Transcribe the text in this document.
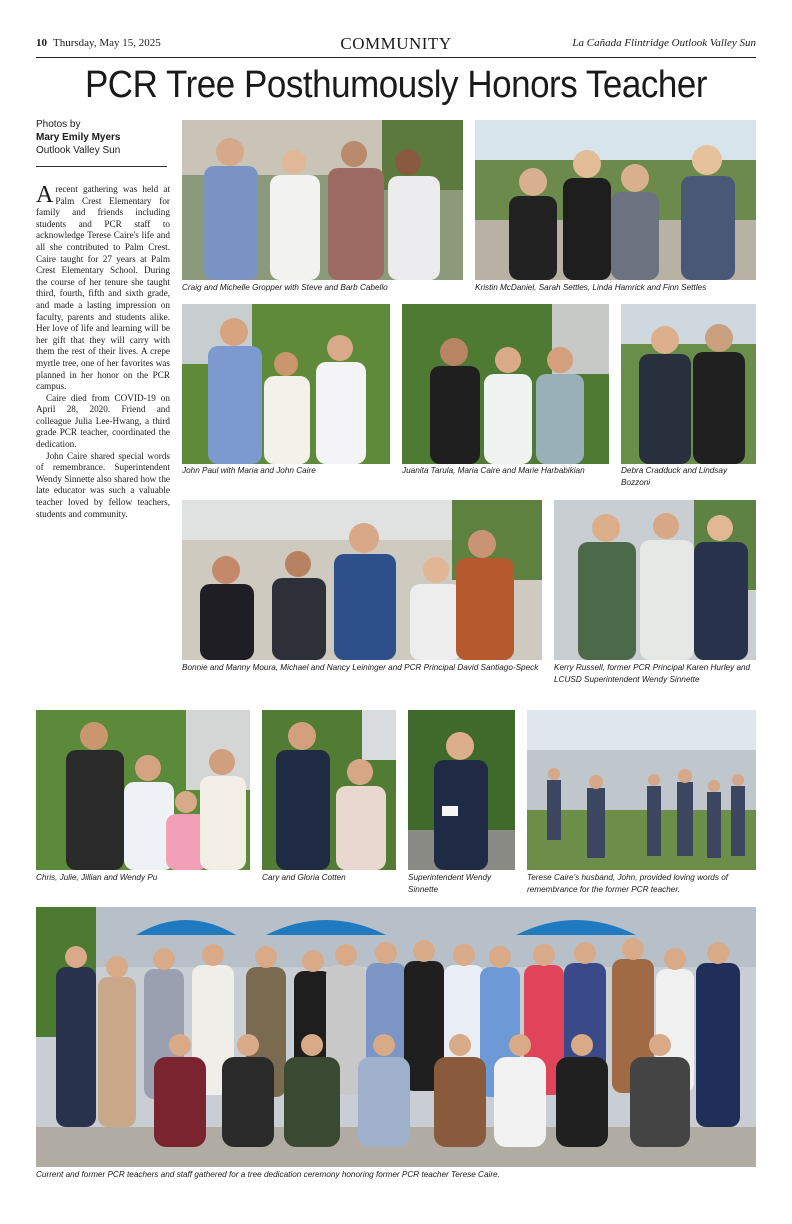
10 Thursday, May 15, 2025	COMMUNITY	La Cañada Flintridge Outlook Valley Sun
PCR Tree Posthumously Honors Teacher
Photos by
Mary Emily Myers
Outlook Valley Sun

Arecent gathering was held at Palm Crest Elementary for family and friends including students and PCR staff to acknowledge Terese Caire's life and all she contributed to Palm Crest. Caire taught for 27 years at Palm Crest Elementary School. During the course of her tenure she taught third, fourth, fifth and sixth grade, and made a lasting impression on faculty, parents and students alike. Her love of life and learning will be her gift that they will carry with them the rest of their lives. A crepe myrtle tree, one of her favorites was planned in her honor on the PCR campus.

Caire died from COVID-19 on April 28, 2020. Friend and colleague Julia Lee-Hwang, a third grade PCR teacher, coordinated the dedication.

John Caire shared special words of remembrance. Superintendent Wendy Sinnette also shared how the late educator was such a valuable teacher loved by fellow teachers, students and community.

Craig and Michelle Gropper with Steve and Barb Cabello	Kristin McDaniel, Sarah Settles, Linda Hamrick and Finn Settles
John Paul with Maria and John Caire	Juanita Tarula, Maria Caire and Marie Harbabikian	Debra Cradduck and Lindsay Bozzoni
Bonnie and Manny Moura, Michael and Nancy Leininger and PCR Principal David Santiago-Speck	Kerry Russell, former PCR Principal Karen Hurley and LCUSD Superintendent Wendy Sinnette
Chris, Julie, Jillian and Wendy Pu	Cary and Gloria Cotten	Superintendent Wendy Sinnette
Terese Caire's husband, John, provided loving words of remembrance for the former PCR teacher.
Current and former PCR teachers and staff gathered for a tree dedication ceremony honoring former PCR teacher Terese Caire.
